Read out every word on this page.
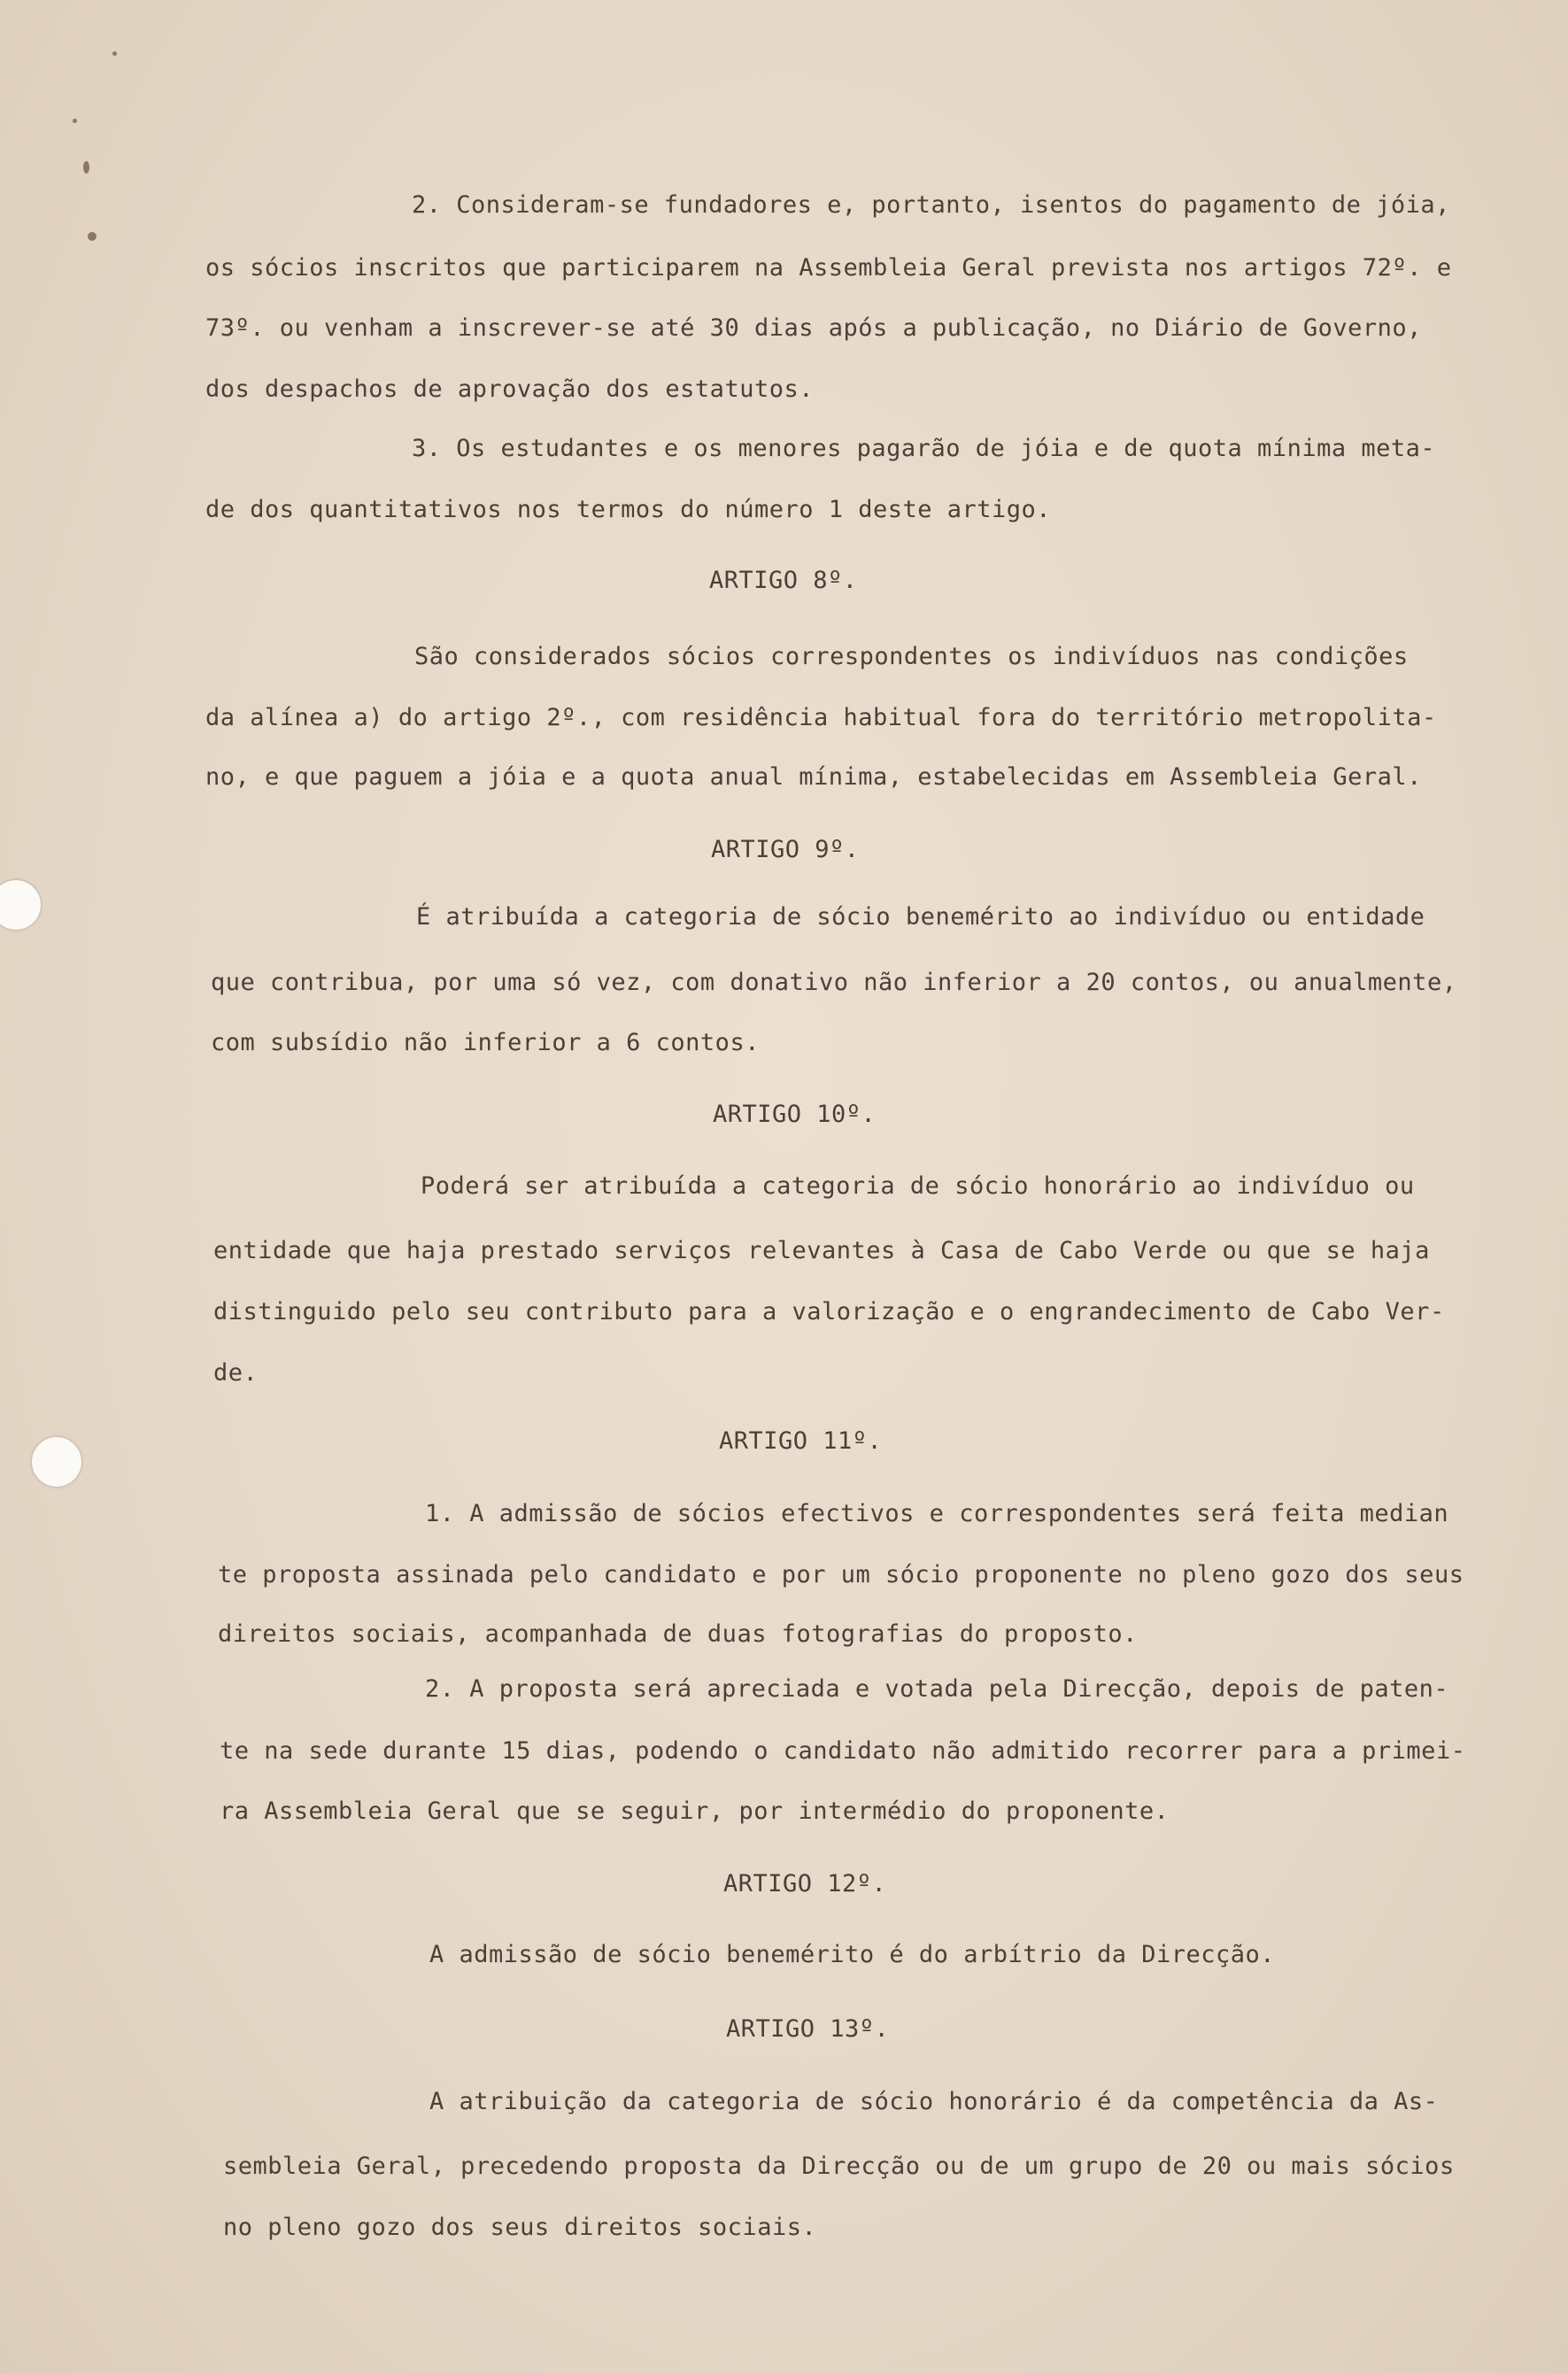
2. Consideram-se fundadores e, portanto, isentos do pagamento de jóia,
os sócios inscritos que participarem na Assembleia Geral prevista nos artigos 72º. e
73º. ou venham a inscrever-se até 30 dias após a publicação, no Diário de Governo,
dos despachos de aprovação dos estatutos.
3. Os estudantes e os menores pagarão de jóia e de quota mínima meta-
de dos quantitativos nos termos do número 1 deste artigo.
ARTIGO 8º.
São considerados sócios correspondentes os indivíduos nas condições
da alínea a) do artigo 2º., com residência habitual fora do território metropolita-
no, e que paguem a jóia e a quota anual mínima, estabelecidas em Assembleia Geral.
ARTIGO 9º.
É atribuída a categoria de sócio benemérito ao indivíduo ou entidade
que contribua, por uma só vez, com donativo não inferior a 20 contos, ou anualmente,
com subsídio não inferior a 6 contos.
ARTIGO 10º.
Poderá ser atribuída a categoria de sócio honorário ao indivíduo ou
entidade que haja prestado serviços relevantes à Casa de Cabo Verde ou que se haja
distinguido pelo seu contributo para a valorização e o engrandecimento de Cabo Ver-
de.
ARTIGO 11º.
1. A admissão de sócios efectivos e correspondentes será feita median
te proposta assinada pelo candidato e por um sócio proponente no pleno gozo dos seus
direitos sociais, acompanhada de duas fotografias do proposto.
2. A proposta será apreciada e votada pela Direcção, depois de paten-
te na sede durante 15 dias, podendo o candidato não admitido recorrer para a primei-
ra Assembleia Geral que se seguir, por intermédio do proponente.
ARTIGO 12º.
A admissão de sócio benemérito é do arbítrio da Direcção.
ARTIGO 13º.
A atribuição da categoria de sócio honorário é da competência da As-
sembleia Geral, precedendo proposta da Direcção ou de um grupo de 20 ou mais sócios
no pleno gozo dos seus direitos sociais.
